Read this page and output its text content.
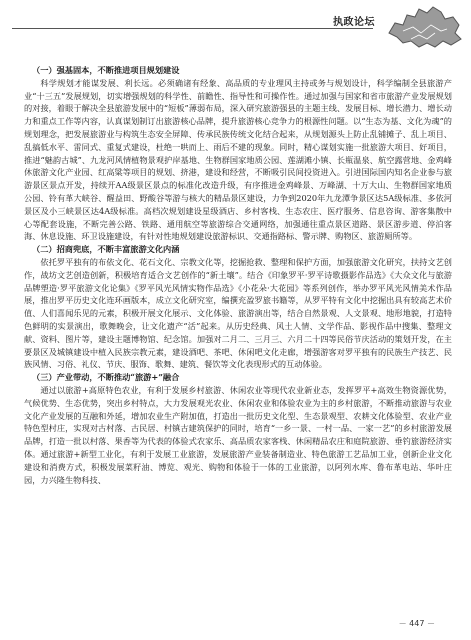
执政论坛

（一）强基固本，不断推进项目规划建设

科学规划才能谋发展、利长远。必须确诸有经象、高品质的专业理风主持或务与规划设计，科学编制全县旅游产业“十三五”发展规划，切实增强规划的科学性、前瞻性、指导性和可操作性。通过加强与国家和省市旅游产业发展规划的对接，着眼于解决全县旅游发展中的“短板”薄弱布局，深入研究旅游强县的主题主线、发展目标、增长潜力、增长动力和重点工作等内容，认真谋划制订出旅游核心品牌，提升旅游核心竞争力的根源性问题。以“生态为基、文化为魂”的规划理念，把发展旅游业与构筑生态安全屏障、传承民族传统文化结合起来，从规划源头上防止乱铺摊子、乱上项目、乱搞低水平、雷同式、重复式建设，杜绝一哄而上、雨后不建的现象。同时，精心谋划实施一批旅游大项目、好项目，推进“魅韵古城”、九龙河风情植物景观护岸基地、生物群国家地质公园、莲湖滩小镇、长瓶温泉、航空露营地、金鸡峰休旅游文化产业园、红高粱等项目的规划、挤港，建设和经营，不断吸引民间投资进入。引进国际国内知名企业参与旅游景区景点开发，持续开AA级景区景点的标准化改造升级，有序推进金鸡峰景、万峰湖、十万大山、生物群国家地质公园、铃有革大峡谷、醒益田、野酸谷等游与核大的精品景区建设，力争到2020年九龙潭争景区达5A级标准、多依河景区及小三峡景区达4A级标准。高档次规划建设星级酒店、乡村客栈、生态农庄、医疗服务、信息咨询、游客集散中心等配套设施，不断完善公路、铁路、通用航空等旅游综合交通网络，加强通往重点景区道路、景区游步道、停泊客海、休息设施、环卫设施建设，有针对性地规划建设旅游标识、交通指路标、警示牌、购物区、旅游厕所等。

（二）招商兜底，不断丰富旅游文化内涵

依托罗平独有的布依文化、花石文化、宗教文化等，挖掘抢救、整理和保护方面，加强旅游文化研究，扶持文艺创作，战坊文艺创造创新，积极培育适合文艺创作的“新土壤”。结合《印象罗平·罗平诗歌摄影作品选》《大众文化与旅游品牌塑造·罗平旅游文化论集》《罗平风光风情实物作品选》《小花朵·大花园》等系列创作，举办罗平风光风情美术作品展，推出罗平历史文化连环画版本，成立文化研究室，编撰充盈罗旅书籍等，从罗平特有文化中挖掘出具有较高艺术价值、人们喜闻乐见的元素，积极开展文化展示、文化体验、旅游演出等，结合自然景观、人文景观、地形地貌，打造特色鲜明的实景演出，歌舞晚会，让文化遗产“活”起来。从历史经典、风土人情、文学作品、影视作品中搜集、整理文献、资料、图片等，建设主题博物馆、纪念馆。加强对二月二、三月三、六月二十四等民俗节庆活动的策划开发，在主要景区及城镇建设中植入民族宗教元素，建设酒吧、茶吧、休闲吧文化走廊，增强游客对罗平独有的民族生产技艺、民族风情、习俗、礼仪、节庆、服饰、歌舞、建筑、餐饮等文化表现形式的互动体验。

（三）产业带动，不断推动“旅游+”融合

通过以旅游+高原特色农业，有利于发展乡村旅游、休闲农业等现代农业新业态，发挥罗平+高效生物资源优势，气候优势、生态优势，突出乡村特点，大力发展观光农业、休闲农业和体验农业为主的乡村旅游，不断推动旅游与农业文化产业发展的互融和外延，增加农业生产附加值，打造出一批历史文化型、生态景观型、农耕文化体验型、农业产业特色型村庄，实现对古村落、古民居、村镇古建筑保护的同时，培育“一乡一景、一村一品、一家一艺”的乡村旅游发展品牌，打造一批以村落、果香等为代表的体验式农家乐、高品质农家客栈、休闲精品农庄和庭院旅游、垂钓旅游经济实体。通过旅游+新型工业化，有利于发展工业旅游，发展旅游产业装备制造业、特色旅游工艺品加工业，创新企业文化建设和消费方式，积极发展菜籽油、博览、观光、购物和体验于一体的工业旅游，以阿列水库、鲁布革电站、华叶庄园，力兴隆生物科技、

－ 447 －
